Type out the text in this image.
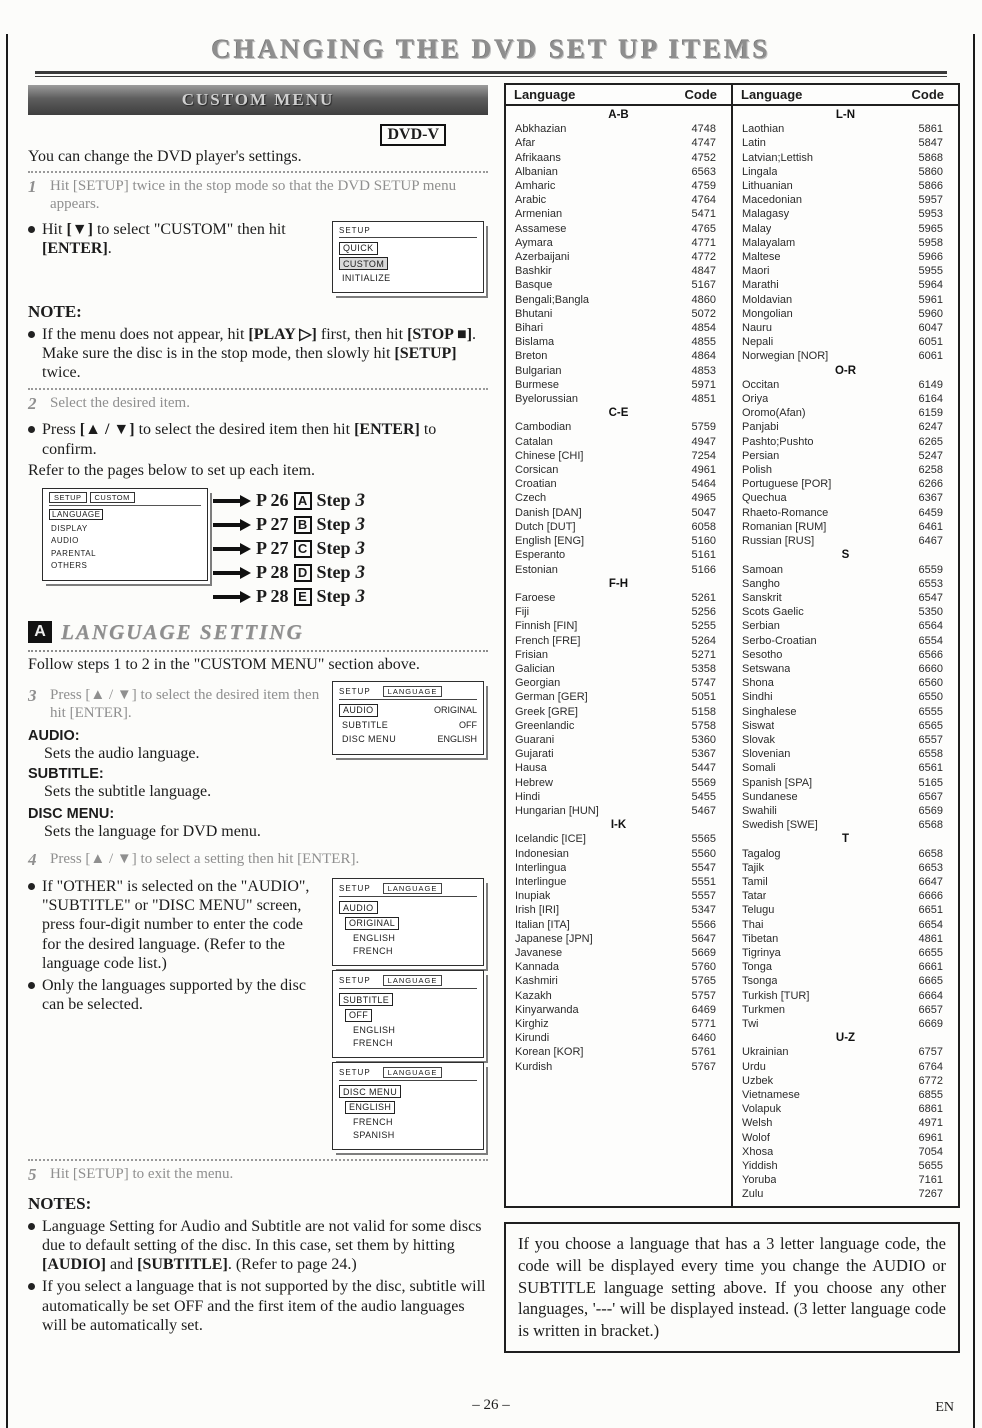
CHANGING THE DVD SET UP ITEMS
CUSTOM MENU
DVD-V

You can change the DVD player's settings.

1 Hit [SETUP] twice in the stop mode so that the DVD SETUP menu appears.
Hit [▼] to select "CUSTOM" then hit [ENTER].
SETUP
QUICK
CUSTOM
INITIALIZE
NOTE:
If the menu does not appear, hit [PLAY ▷] first, then hit [STOP ■]. Make sure the disc is in the stop mode, then slowly hit [SETUP] twice.
2 Select the desired item.
Press [▲ / ▼] to select the desired item then hit [ENTER] to confirm.
Refer to the pages below to set up each item.
SETUP	CUSTOM
LANGUAGE
DISPLAY
AUDIO
PARENTAL
OTHERS
P 26 A Step 3
P 27 B Step 3
P 27 C Step 3
P 28 D Step 3
P 28 E Step 3
A LANGUAGE SETTING
Follow steps 1 to 2 in the "CUSTOM MENU" section above.
3 Press [▲ / ▼] to select the desired item then hit [ENTER].
AUDIO:
Sets the audio language.
SUBTITLE:
Sets the subtitle language.
SETUP	LANGUAGE
AUDIO	ORIGINAL
SUBTITLE	OFF
DISC MENU	ENGLISH
DISC MENU:
Sets the language for DVD menu.
4 Press [▲ / ▼] to select a setting then hit [ENTER].
If "OTHER" is selected on the "AUDIO", "SUBTITLE" or "DISC MENU" screen, press four-digit number to enter the code for the desired language. (Refer to the language code list.)
Only the languages supported by the disc can be selected.
SETUP	LANGUAGE
AUDIO
ORIGINAL
ENGLISH
FRENCH
SETUP	LANGUAGE
SUBTITLE
OFF
ENGLISH
FRENCH
SETUP	LANGUAGE
DISC MENU
ENGLISH
FRENCH
SPANISH
5 Hit [SETUP] to exit the menu.
NOTES:
Language Setting for Audio and Subtitle are not valid for some discs due to default setting of the disc. In this case, set them by hitting [AUDIO] and [SUBTITLE]. (Refer to page 24.)
If you select a language that is not supported by the disc, subtitle will automatically be set OFF and the first item of the audio languages will be automatically set.
Language	Code Language	Code
A-B
Abkhazian	4748
Afar	4747
Afrikaans	4752
Albanian	6563
Amharic	4759
Arabic	4764
Armenian	5471
Assamese	4765
Aymara	4771
Azerbaijani	4772
Bashkir	4847
Basque	5167
Bengali;Bangla	4860
Bhutani	5072
Bihari	4854
Bislama	4855
Breton	4864
Bulgarian	4853
Burmese	5971
Byelorussian	4851
C-E
Cambodian	5759
Catalan	4947
Chinese [CHI]	7254
Corsican	4961
Croatian	5464
Czech	4965
Danish [DAN]	5047
Dutch [DUT]	6058
English [ENG]	5160
Esperanto	5161
Estonian	5166
F-H
Faroese	5261
Fiji	5256
Finnish [FIN]	5255
French [FRE]	5264
Frisian	5271
Galician	5358
Georgian	5747
German [GER]	5051
Greek [GRE]	5158
Greenlandic	5758
Guarani	5360
Gujarati	5367
Hausa	5447
Hebrew	5569
Hindi	5455
Hungarian [HUN]	5467
I-K
Icelandic [ICE]	5565
Indonesian	5560
Interlingua	5547
Interlingue	5551
Inupiak	5557
Irish [IRI]	5347
Italian [ITA]	5566
Japanese [JPN]	5647
Javanese	5669
Kannada	5760
Kashmiri	5765
Kazakh	5757
Kinyarwanda	6469
Kirghiz	5771
Kirundi	6460
Korean [KOR]	5761
Kurdish	5767
L-N
Laothian	5861
Latin	5847
Latvian;Lettish	5868
Lingala	5860
Lithuanian	5866
Macedonian	5957
Malagasy	5953
Malay	5965
Malayalam	5958
Maltese	5966
Maori	5955
Marathi	5964
Moldavian	5961
Mongolian	5960
Nauru	6047
Nepali	6051
Norwegian [NOR]	6061
O-R
Occitan	6149
Oriya	6164
Oromo(Afan)	6159
Panjabi	6247
Pashto;Pushto	6265
Persian	5247
Polish	6258
Portuguese [POR]	6266
Quechua	6367
Rhaeto-Romance	6459
Romanian [RUM]	6461
Russian [RUS]	6467
S
Samoan	6559
Sangho	6553
Sanskrit	6547
Scots Gaelic	5350
Serbian	6564
Serbo-Croatian	6554
Sesotho	6566
Setswana	6660
Shona	6560
Sindhi	6550
Singhalese	6555
Siswat	6565
Slovak	6557
Slovenian	6558
Somali	6561
Spanish [SPA]	5165
Sundanese	6567
Swahili	6569
Swedish [SWE]	6568
T
Tagalog	6658
Tajik	6653
Tamil	6647
Tatar	6666
Telugu	6651
Thai	6654
Tibetan	4861
Tigrinya	6655
Tonga	6661
Tsonga	6665
Turkish [TUR]	6664
Turkmen	6657
Twi	6669
U-Z
Ukrainian	6757
Urdu	6764
Uzbek	6772
Vietnamese	6855
Volapuk	6861
Welsh	4971
Wolof	6961
Xhosa	7054
Yiddish	5655
Yoruba	7161
Zulu	7267
If you choose a language that has a 3 letter language code, the code will be displayed every time you change the AUDIO or SUBTITLE language setting above. If you choose any other languages, '---' will be displayed instead. (3 letter language code is written in bracket.)
– 26 –	EN
